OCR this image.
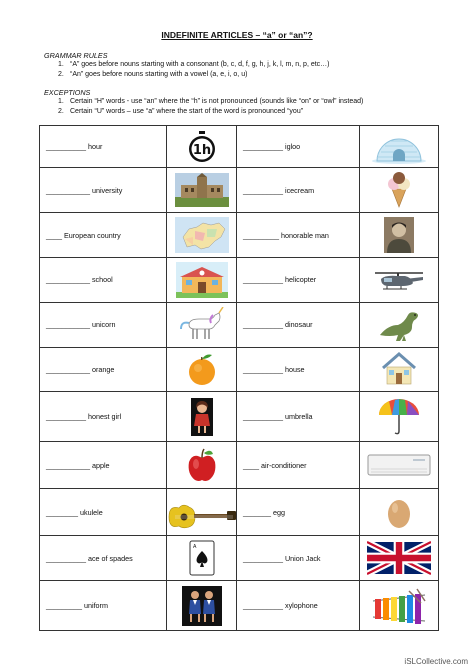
INDEFINITE ARTICLES – “a” or “an”?
GRAMMAR RULES
1. “A” goes before nouns starting with a consonant (b, c, d, f, g, h, j, k, l, m, n, p, etc…)
2. “An” goes before nouns starting with a vowel (a, e, i, o, u)
EXCEPTIONS
1. Certain “H” words - use “an” where the “h” is not pronounced (sounds like “on” or “owl” instead)
2. Certain “U” words – use “a” where the start of the word is pronounced “you”
__________ hour	1h	__________ igloo	

___________ university		__________ icecream	

____ European country		_________ honorable man	

___________ school		__________ helicopter	

___________ unicorn		__________ dinosaur	

___________ orange		__________ house	

__________ honest girl		__________ umbrella	

___________ apple		____ air-conditioner	

________ ukulele		_______ egg	

__________ ace of spades	A	__________ Union Jack	

_________ uniform		__________ xylophone	
iSLCollective.com
